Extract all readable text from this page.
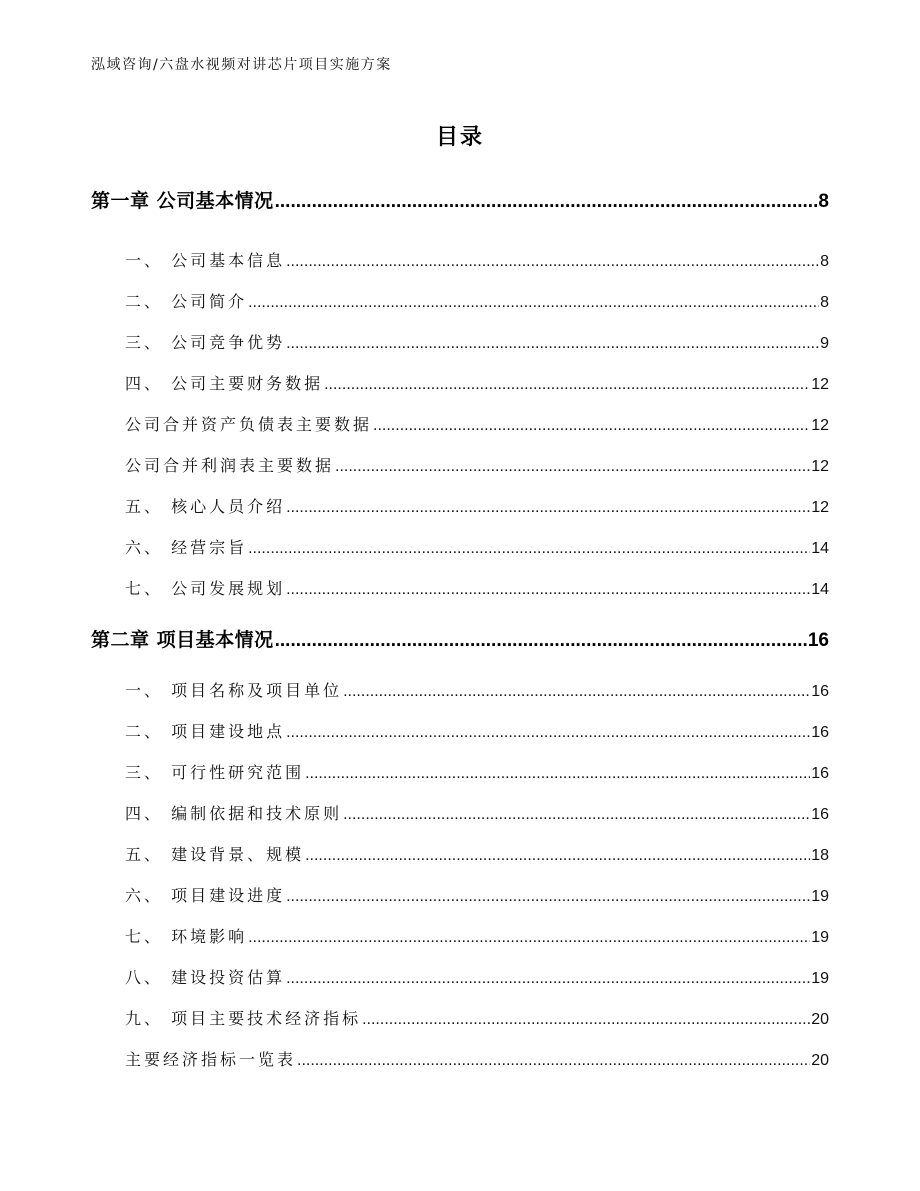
泓域咨询/六盘水视频对讲芯片项目实施方案
目录
第一章 公司基本情况 .....	8
一、 公司基本信息 .....	8
二、 公司简介 .....	8
三、 公司竞争优势 .....	9
四、 公司主要财务数据 .....	12
公司合并资产负债表主要数据 .....	12
公司合并利润表主要数据 .....	12
五、 核心人员介绍 .....	12
六、 经营宗旨 .....	14
七、 公司发展规划 .....	14
第二章 项目基本情况 .....	16
一、 项目名称及项目单位 .....	16
二、 项目建设地点 .....	16
三、 可行性研究范围 .....	16
四、 编制依据和技术原则 .....	16
五、 建设背景、规模 .....	18
六、 项目建设进度 .....	19
七、 环境影响 .....	19
八、 建设投资估算 .....	19
九、 项目主要技术经济指标 .....	20
主要经济指标一览表 .....	20
